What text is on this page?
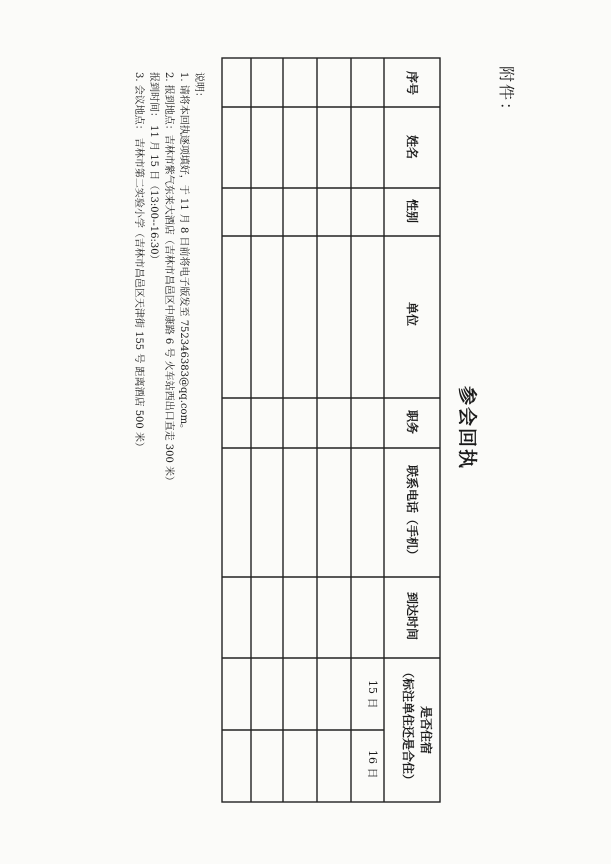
附件：
参会回执
序号
姓名
性别
单位
职务
联系电话（手机）
到达时间
是否住宿
（标注单住还是合住）
15 日
16 日
说明：
1. 请将本回执逐项填好，于 11 月 8 日前将电子版发至 752346383@qq.com。
2. 报到地点：吉林市紫气东来大酒店（吉林市昌邑区中康路 6 号 火车站西出口直走 300 米）
报到时间： 11 月 15 日（13:00--16:30）
3. 会议地点： 吉林市第二实验小学（吉林市昌邑区天津街 155 号 距离酒店 500 米）
